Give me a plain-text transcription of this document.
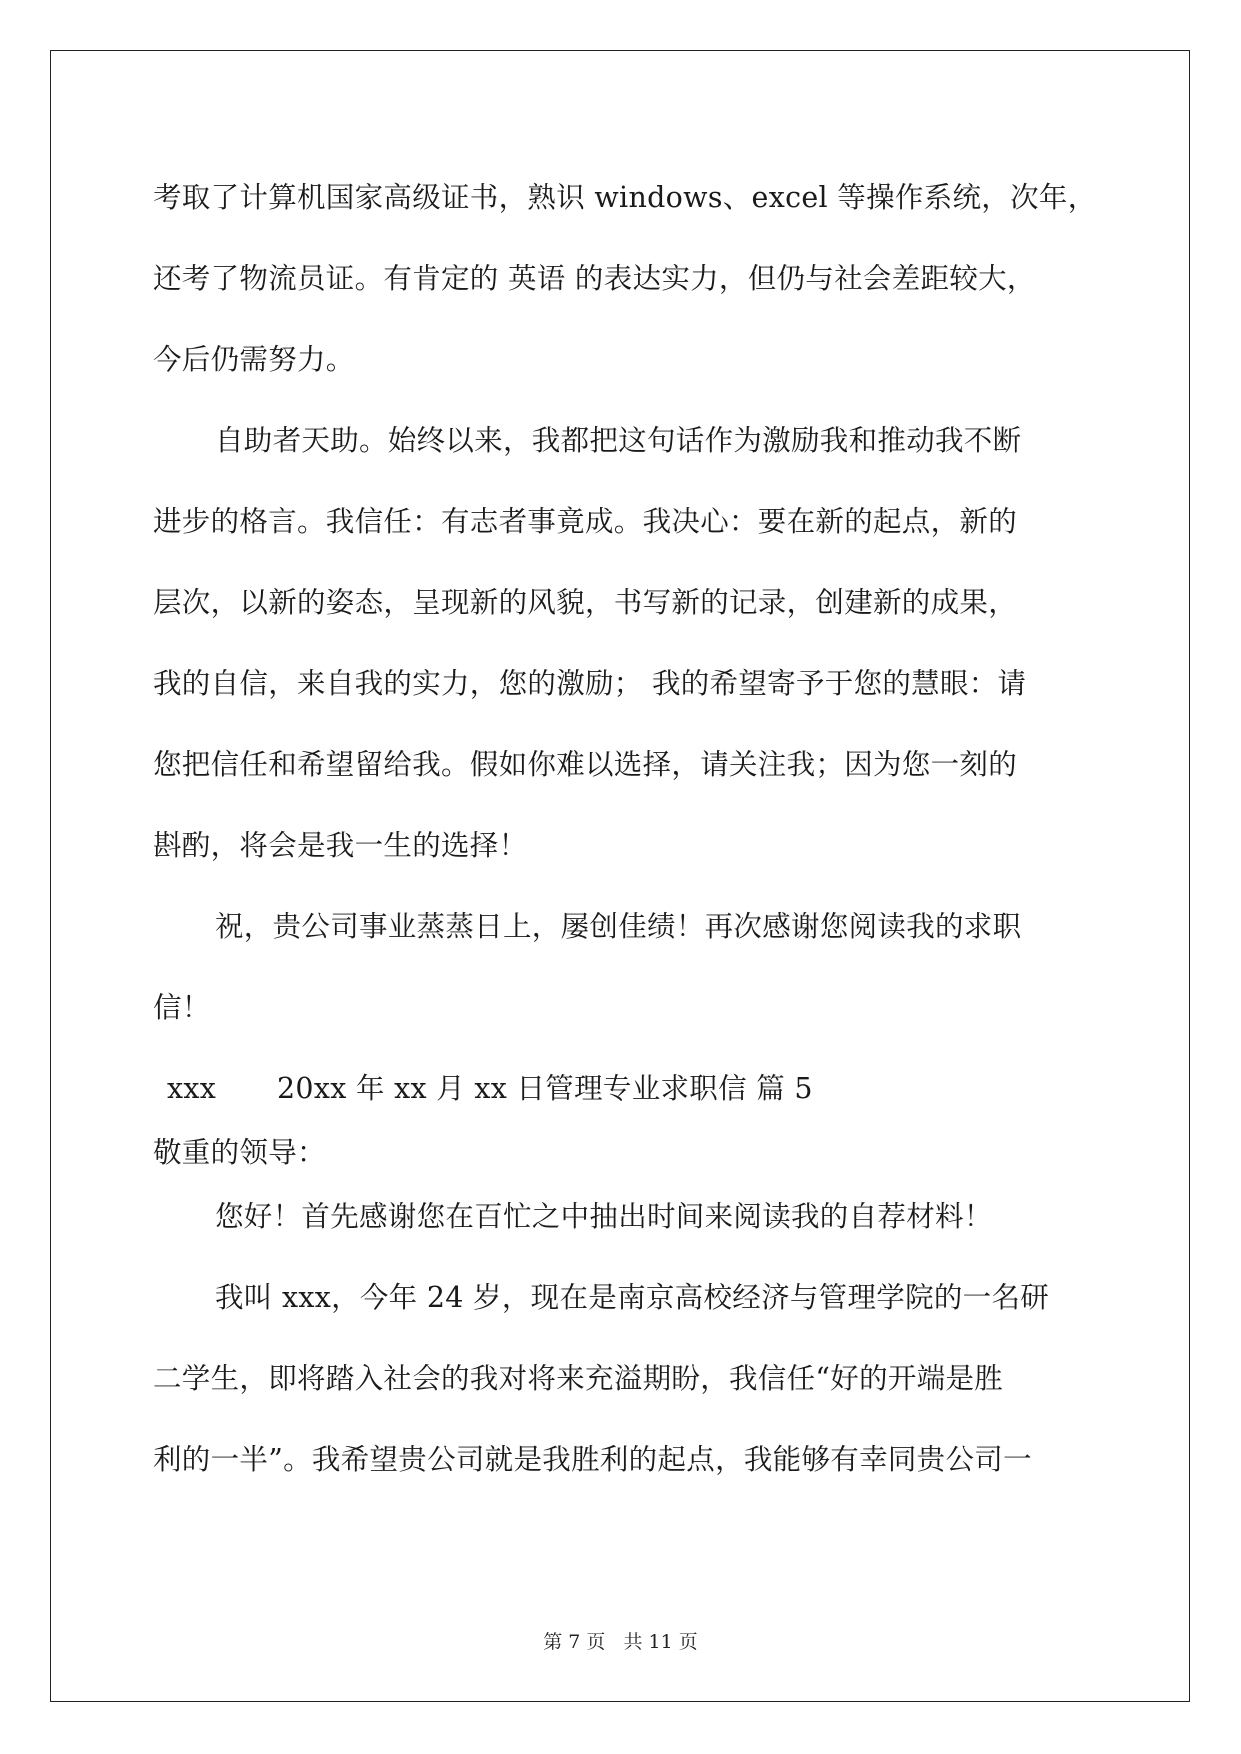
考取了计算机国家高级证书，熟识 windows、excel 等操作系统，次年，
还考了物流员证。有肯定的 英语 的表达实力，但仍与社会差距较大，
今后仍需努力。
自助者天助。始终以来，我都把这句话作为激励我和推动我不断
进步的格言。我信任：有志者事竟成。我决心：要在新的起点，新的
层次，以新的姿态，呈现新的风貌，书写新的记录，创建新的成果，
我的自信，来自我的实力，您的激励； 我的希望寄予于您的慧眼：请
您把信任和希望留给我。假如你难以选择，请关注我；因为您一刻的
斟酌，将会是我一生的选择！
祝，贵公司事业蒸蒸日上，屡创佳绩！再次感谢您阅读我的求职
信！
xxx 20xx 年 xx 月 xx 日管理专业求职信 篇 5
敬重的领导：
您好！首先感谢您在百忙之中抽出时间来阅读我的自荐材料！
我叫 xxx，今年 24 岁，现在是南京高校经济与管理学院的一名研
二学生，即将踏入社会的我对将来充溢期盼，我信任“好的开端是胜
利的一半”。我希望贵公司就是我胜利的起点，我能够有幸同贵公司一
第 7 页 共 11 页
